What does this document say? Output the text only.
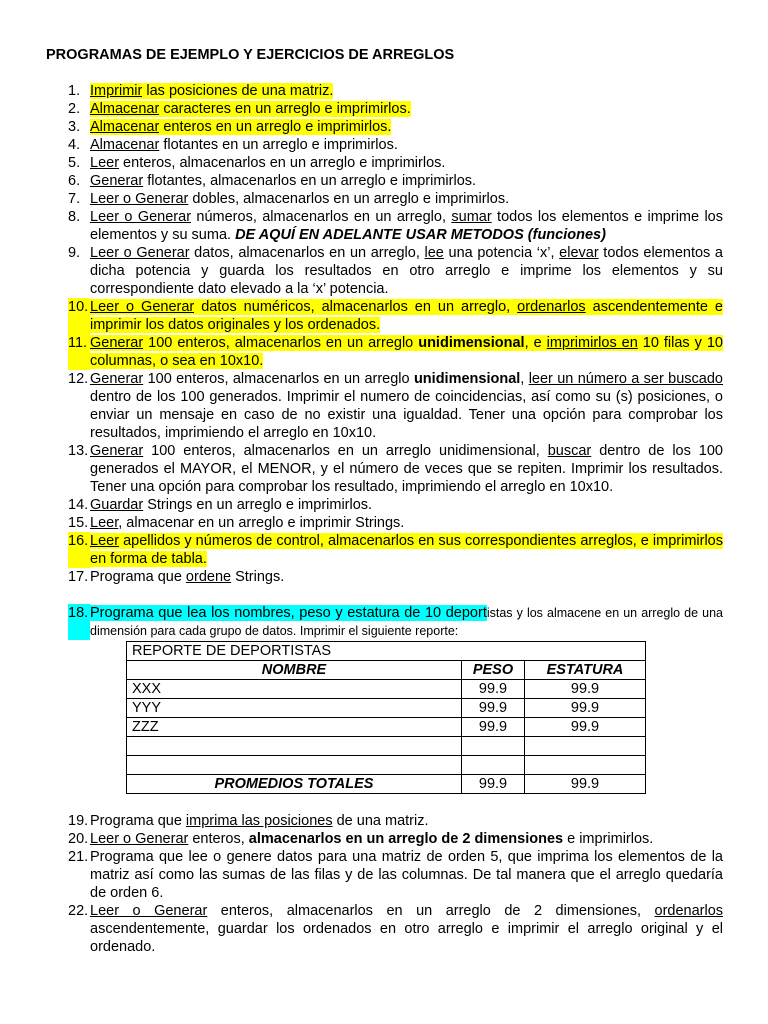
PROGRAMAS DE EJEMPLO Y EJERCICIOS DE ARREGLOS
1. Imprimir las posiciones de una matriz.
2. Almacenar caracteres en un arreglo e imprimirlos.
3. Almacenar enteros en un arreglo e imprimirlos.
4. Almacenar flotantes en un arreglo e imprimirlos.
5. Leer enteros, almacenarlos en un arreglo e imprimirlos.
6. Generar flotantes, almacenarlos en un arreglo e imprimirlos.
7. Leer o Generar dobles, almacenarlos en un arreglo e imprimirlos.
8. Leer o Generar números, almacenarlos en un arreglo, sumar todos los elementos e imprime los elementos y su suma. DE AQUÍ EN ADELANTE USAR METODOS (funciones)
9. Leer o Generar datos, almacenarlos en un arreglo, lee una potencia ‘x’, elevar todos elementos a dicha potencia y guarda los resultados en otro arreglo e imprime los elementos y su correspondiente dato elevado a la ‘x’ potencia.
10. Leer o Generar datos numéricos, almacenarlos en un arreglo, ordenarlos ascendentemente e imprimir los datos originales y los ordenados.
11. Generar 100 enteros, almacenarlos en un arreglo unidimensional, e imprimirlos en 10 filas y 10 columnas, o sea en 10x10.
12. Generar 100 enteros, almacenarlos en un arreglo unidimensional, leer un número a ser buscado dentro de los 100 generados. Imprimir el numero de coincidencias, así como su (s) posiciones, o enviar un mensaje en caso de no existir una igualdad. Tener una opción para comprobar los resultados, imprimiendo el arreglo en 10x10.
13. Generar 100 enteros, almacenarlos en un arreglo unidimensional, buscar dentro de los 100 generados el MAYOR, el MENOR, y el número de veces que se repiten. Imprimir los resultados. Tener una opción para comprobar los resultado, imprimiendo el arreglo en 10x10.
14. Guardar Strings en un arreglo e imprimirlos.
15. Leer, almacenar en un arreglo e imprimir Strings.
16. Leer apellidos y números de control, almacenarlos en sus correspondientes arreglos, e imprimirlos en forma de tabla.
17. Programa que ordene Strings.
18. Programa que lea los nombres, peso y estatura de 10 deportistas y los almacene en un arreglo de una dimensión para cada grupo de datos. Imprimir el siguiente reporte:
REPORTE DE DEPORTISTAS		
NOMBRE	PESO	ESTATURA
XXX	99.9	99.9
YYY	99.9	99.9
ZZZ	99.9	99.9

PROMEDIOS TOTALES	99.9	99.9
19. Programa que imprima las posiciones de una matriz.
20. Leer o Generar enteros, almacenarlos en un arreglo de 2 dimensiones e imprimirlos.
21. Programa que lee o genere datos para una matriz de orden 5, que imprima los elementos de la matriz así como las sumas de las filas y de las columnas. De tal manera que el arreglo quedaría de orden 6.
22. Leer o Generar enteros, almacenarlos en un arreglo de 2 dimensiones, ordenarlos ascendentemente, guardar los ordenados en otro arreglo e imprimir el arreglo original y el ordenado.
